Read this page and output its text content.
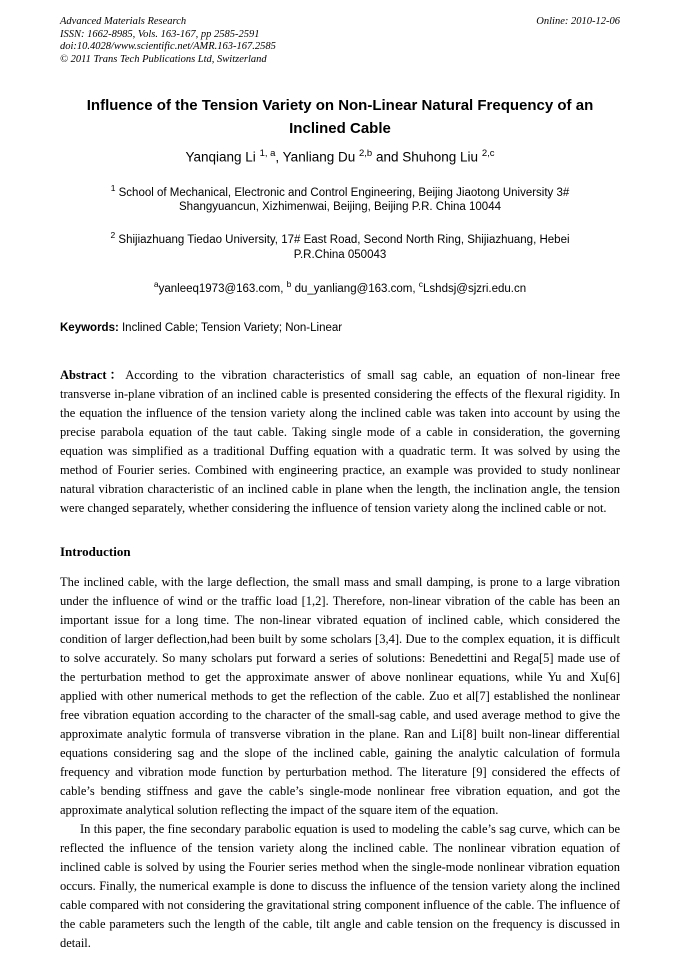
Advanced Materials Research
ISSN: 1662-8985, Vols. 163-167, pp 2585-2591
doi:10.4028/www.scientific.net/AMR.163-167.2585
© 2011 Trans Tech Publications Ltd, Switzerland
Online: 2010-12-06
Influence of the Tension Variety on Non-Linear Natural Frequency of an
Inclined Cable
Yanqiang Li $^{1, a}$, Yanliang Du $^{2,b}$ and Shuhong Liu $^{2,c}$
$^1$ School of Mechanical, Electronic and Control Engineering, Beijing Jiaotong University 3#
Shangyuancun, Xizhimenwai, Beijing, Beijing P.R. China 10044
$^2$ Shijiazhuang Tiedao University, 17# East Road, Second North Ring, Shijiazhuang, Hebei
P.R.China 050043
$^a$yanleeq1973@163.com, $^b$ du_yanliang@163.com, $^c$Lshdsj@sjzri.edu.cn
Keywords: Inclined Cable; Tension Variety; Non-Linear
Abstract：According to the vibration characteristics of small sag cable, an equation of non-linear free transverse in-plane vibration of an inclined cable is presented considering the effects of the flexural rigidity. In the equation the influence of the tension variety along the inclined cable was taken into account by using the precise parabola equation of the taut cable. Taking single mode of a cable in consideration, the governing equation was simplified as a traditional Duffing equation with a quadratic term. It was solved by using the method of Fourier series. Combined with engineering practice, an example was provided to study nonlinear natural vibration characteristic of an inclined cable in plane when the length, the inclination angle, the tension were changed separately, whether considering the influence of tension variety along the inclined cable or not.
Introduction

The inclined cable, with the large deflection, the small mass and small damping, is prone to a large vibration under the influence of wind or the traffic load [1,2]. Therefore, non-linear vibration of the cable has been an important issue for a long time. The non-linear vibrated equation of inclined cable, which considered the condition of larger deflection,had been built by some scholars [3,4]. Due to the complex equation, it is difficult to solve accurately. So many scholars put forward a series of solutions: Benedettini and Rega[5] made use of the perturbation method to get the approximate answer of above nonlinear equations, while Yu and Xu[6] applied with other numerical methods to get the reflection of the cable. Zuo et al[7] established the nonlinear free vibration equation according to the character of the small-sag cable, and used average method to give the approximate analytic formula of transverse vibration in the plane. Ran and Li[8] built non-linear differential equations considering sag and the slope of the inclined cable, gaining the analytic calculation of formula frequency and vibration mode function by perturbation method. The literature [9] considered the effects of cable’s bending stiffness and gave the cable’s single-mode nonlinear free vibration equation, and got the approximate analytical solution reflecting the impact of the square item of the equation.

In this paper, the fine secondary parabolic equation is used to modeling the cable’s sag curve, which can be reflected the influence of the tension variety along the inclined cable. The nonlinear vibration equation of inclined cable is solved by using the Fourier series method when the single-mode nonlinear vibration equation occurs. Finally, the numerical example is done to discuss the influence of the tension variety along the inclined cable compared with not considering the gravitational string component influence of the cable. The influence of the cable parameters such the length of the cable, tilt angle and cable tension on the frequency is discussed in detail.
